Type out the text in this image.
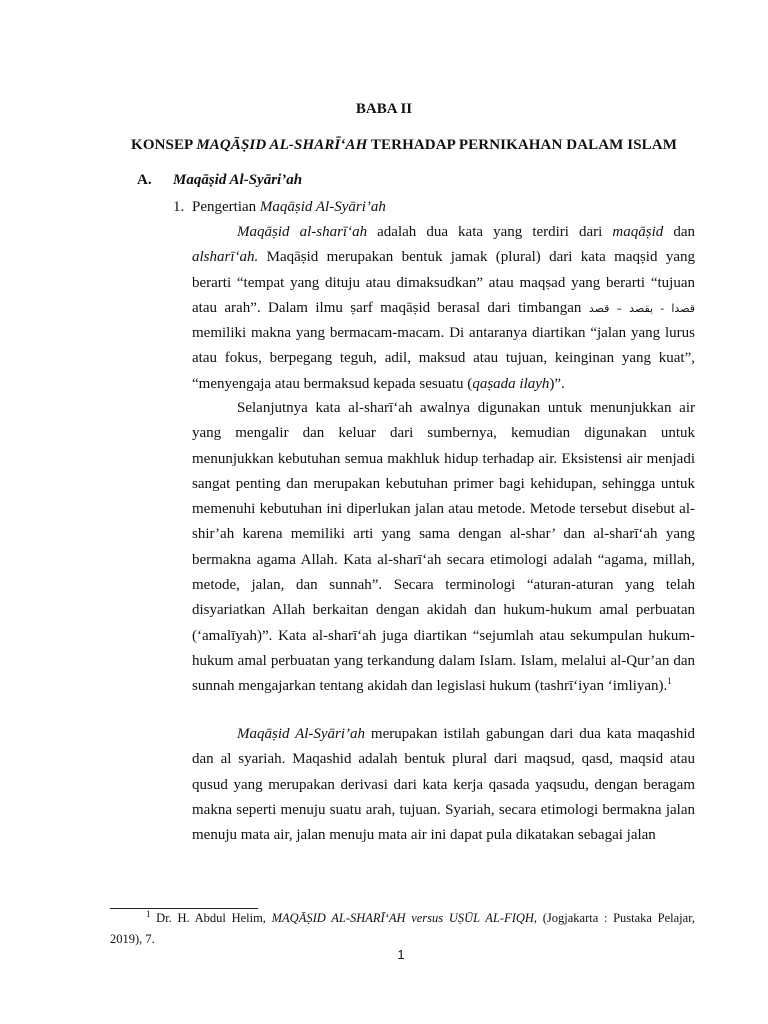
BABA II
KONSEP MAQĀṢID AL-SHARĪ‘AH TERHADAP PERNIKAHAN DALAM ISLAM
A. Maqāṣid Al-Syāri’ah
1. Pengertian Maqāṣid Al-Syāri’ah

Maqāṣid al-sharī‘ah adalah dua kata yang terdiri dari maqāṣid dan alsharī‘ah. Maqāṣid merupakan bentuk jamak (plural) dari kata maqṣid yang berarti “tempat yang dituju atau dimaksudkan” atau maqṣad yang berarti “tujuan atau arah”. Dalam ilmu ṣarf maqāṣid berasal dari timbangan قصدا - يقصد – قصد memiliki makna yang bermacam-macam. Di antaranya diartikan “jalan yang lurus atau fokus, berpegang teguh, adil, maksud atau tujuan, keinginan yang kuat”, “menyengaja atau bermaksud kepada sesuatu (qaṣada ilayh)”.

Selanjutnya kata al-sharī‘ah awalnya digunakan untuk menunjukkan air yang mengalir dan keluar dari sumbernya, kemudian digunakan untuk menunjukkan kebutuhan semua makhluk hidup terhadap air. Eksistensi air menjadi sangat penting dan merupakan kebutuhan primer bagi kehidupan, sehingga untuk memenuhi kebutuhan ini diperlukan jalan atau metode. Metode tersebut disebut al-shir’ah karena memiliki arti yang sama dengan al-shar’ dan al-sharī‘ah yang bermakna agama Allah. Kata al-sharī‘ah secara etimologi adalah “agama, millah, metode, jalan, dan sunnah”. Secara terminologi “aturan-aturan yang telah disyariatkan Allah berkaitan dengan akidah dan hukum-hukum amal perbuatan (‘amalīyah)”. Kata al-sharī‘ah juga diartikan “sejumlah atau sekumpulan hukum-hukum amal perbuatan yang terkandung dalam Islam. Islam, melalui al-Qur’an dan sunnah mengajarkan tentang akidah dan legislasi hukum (tashrī‘iyan ‘imliyan).$^1$

Maqāṣid Al-Syāri’ah merupakan istilah gabungan dari dua kata maqashid dan al syariah. Maqashid adalah bentuk plural dari maqsud, qasd, maqsid atau qusud yang merupakan derivasi dari kata kerja qasada yaqsudu, dengan beragam makna seperti menuju suatu arah, tujuan. Syariah, secara etimologi bermakna jalan menuju mata air, jalan menuju mata air ini dapat pula dikatakan sebagai jalan

$^1$ Dr. H. Abdul Helim, MAQĀṢID AL-SHARĪ‘AH versus UṢŪL AL-FIQH, (Jogjakarta : Pustaka Pelajar, 2019), 7.
1
